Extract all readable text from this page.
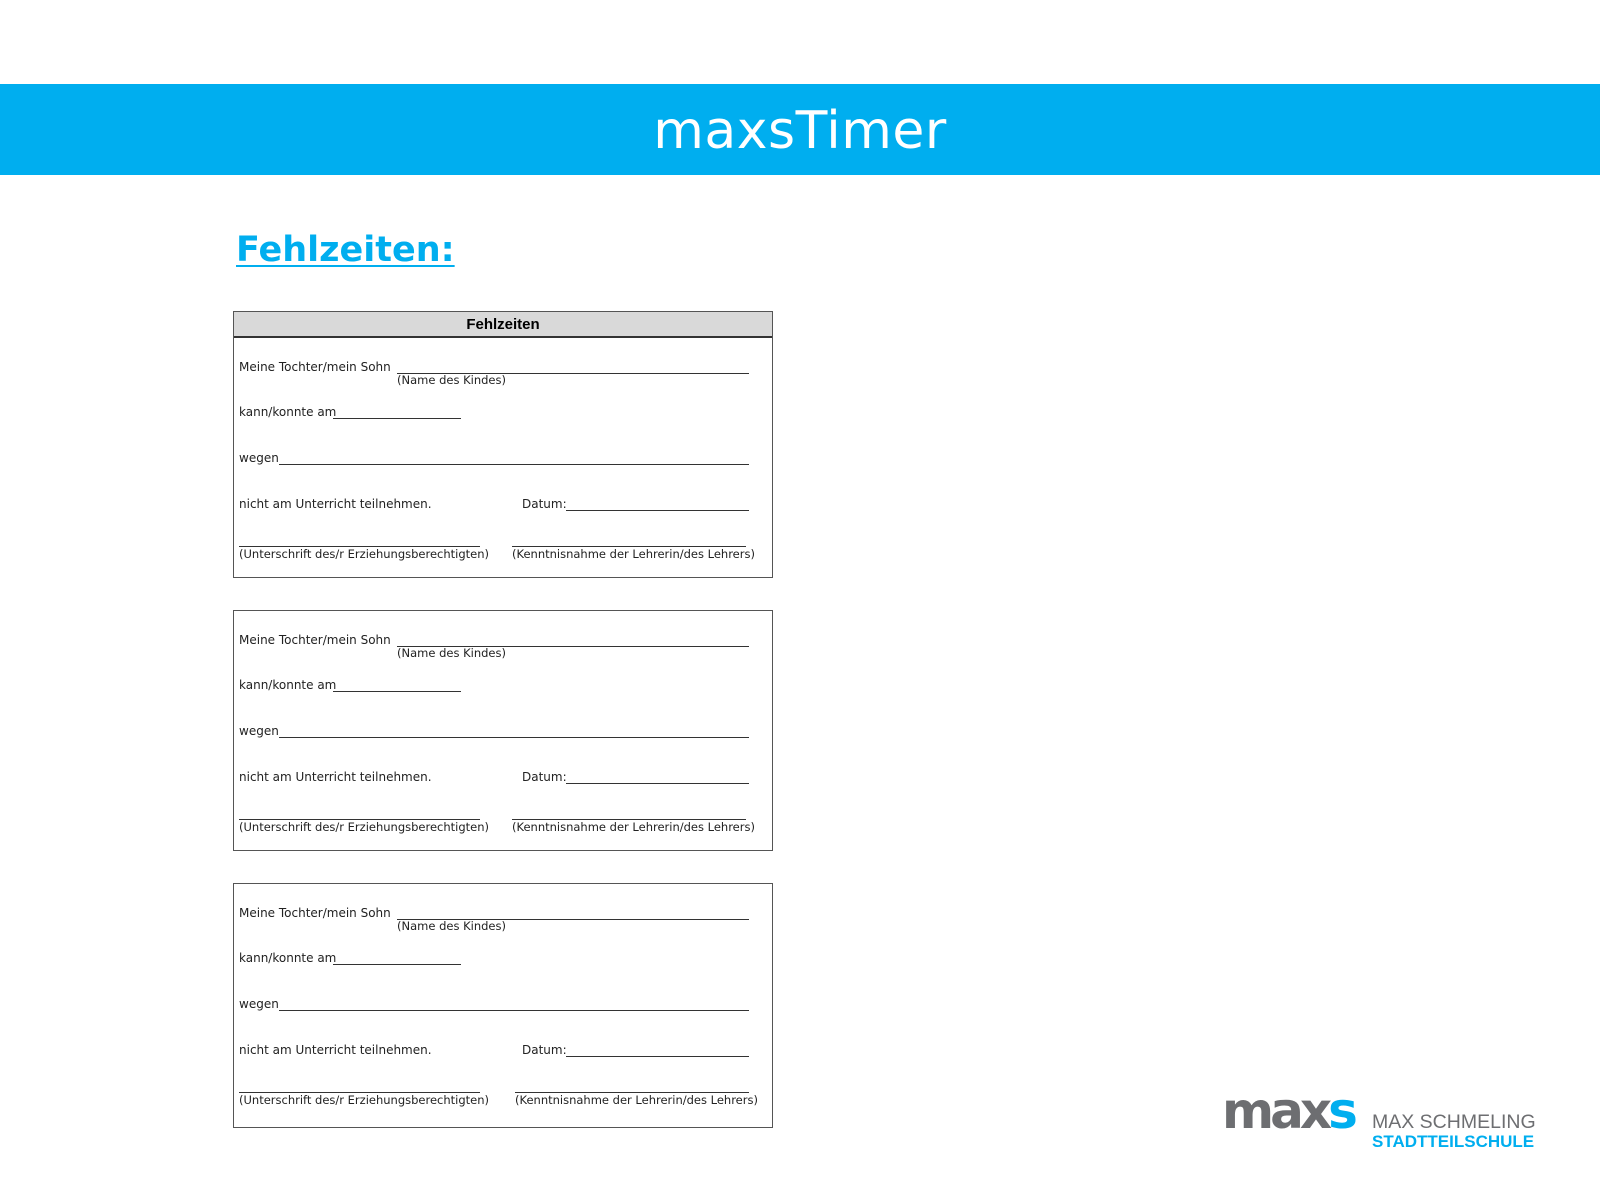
maxsTimer
Fehlzeiten:
Fehlzeiten
Meine Tochter/mein Sohn
(Name des Kindes)
kann/konnte am
wegen
nicht am Unterricht teilnehmen.	Datum:
(Unterschrift des/r Erziehungsberechtigten) (Kenntnisnahme der Lehrerin/des Lehrers)
Meine Tochter/mein Sohn
(Name des Kindes)
kann/konnte am
wegen
nicht am Unterricht teilnehmen.	Datum:
(Unterschrift des/r Erziehungsberechtigten) (Kenntnisnahme der Lehrerin/des Lehrers)
Meine Tochter/mein Sohn
(Name des Kindes)
kann/konnte am
wegen
nicht am Unterricht teilnehmen.	Datum:
(Unterschrift des/r Erziehungsberechtigten) (Kenntnisnahme der Lehrerin/des Lehrers)	maxs MAX SCHMELING
STADTTEILSCHULE
